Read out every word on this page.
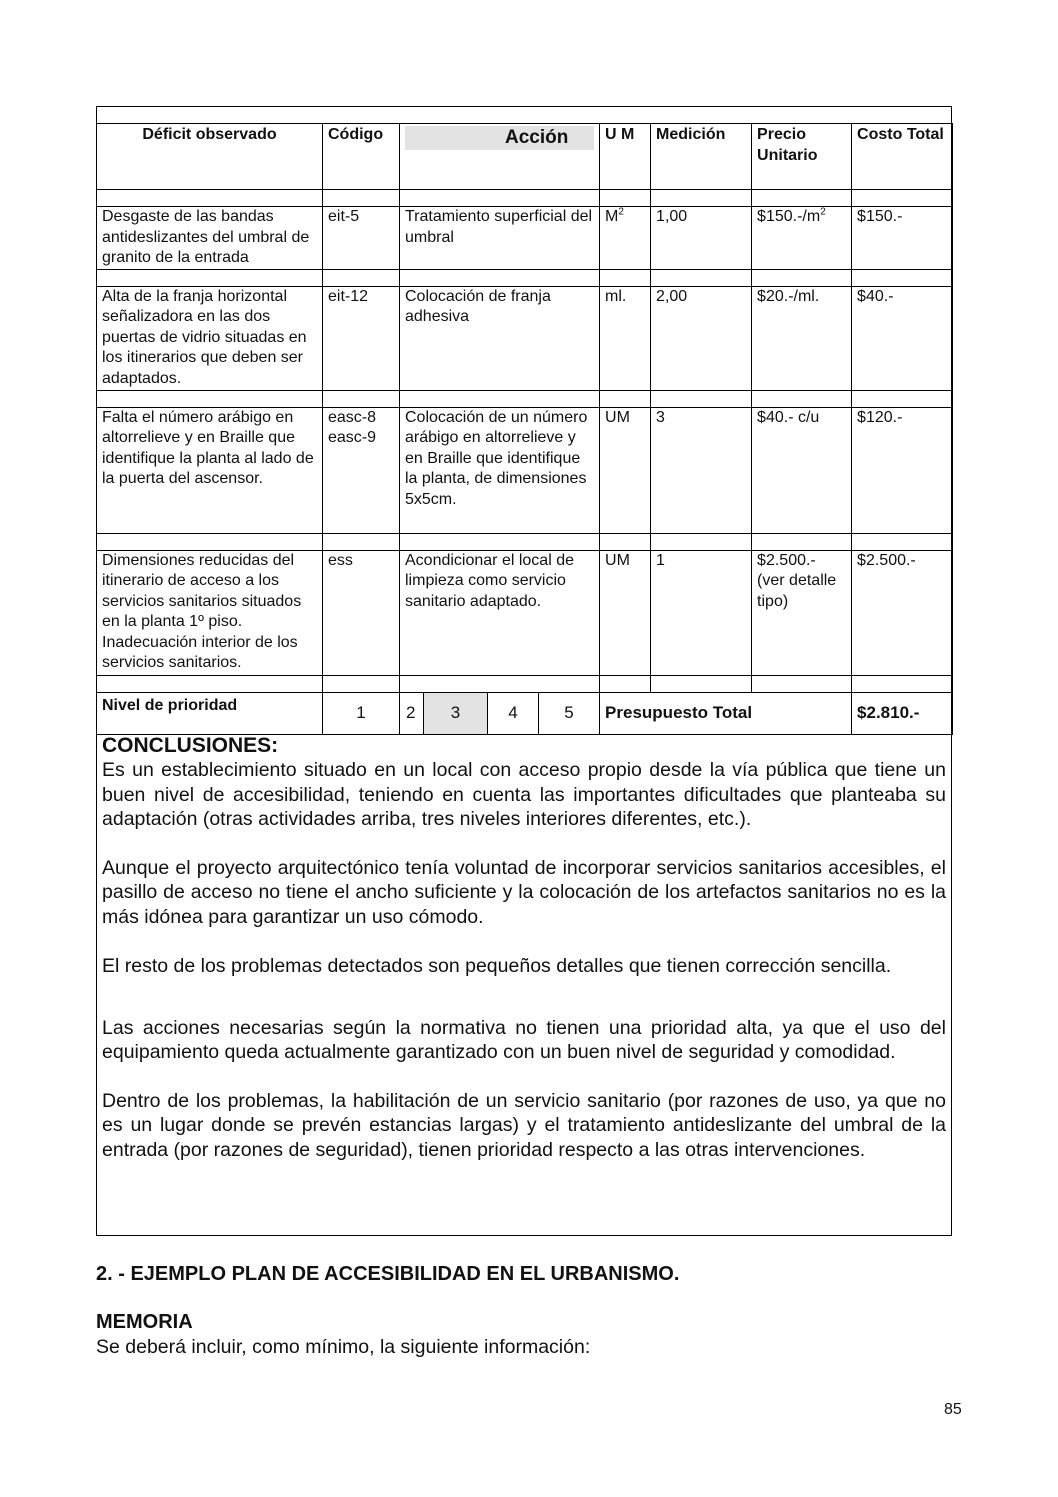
Déficit observado	Código	Acción				U M	Medición	Precio Unitario	Costo Total

Desgaste de las bandas antideslizantes del umbral de granito de la entrada	eit-5	Tratamiento superficial del umbral				$M^2$	1,00	$\$150.-/m^2$	$150.-

Alta de la franja horizontal señalizadora en las dos puertas de vidrio situadas en los itinerarios que deben ser adaptados.	eit-12	Colocación de franja adhesiva				ml.	2,00	$20.-/ml.	$40.-

Falta el número arábigo en altorrelieve y en Braille que identifique la planta al lado de la puerta del ascensor.	easc-8 easc-9	Colocación de un número arábigo en altorrelieve y en Braille que identifique la planta, de dimensiones 5x5cm.				UM	3	$40.- c/u	$120.-

Dimensiones reducidas del itinerario de acceso a los servicios sanitarios situados en la planta 1º piso. Inadecuación interior de los servicios sanitarios.	ess	Acondicionar el local de limpieza como servicio sanitario adaptado.				UM	1	$2.500.- (ver detalle tipo)	$2.500.-

Nivel de prioridad	1	2	3	4	5	Presupuesto Total			$2.810.-
CONCLUSIONES:

Es un establecimiento situado en un local con acceso propio desde la vía pública que tiene un buen nivel de accesibilidad, teniendo en cuenta las importantes dificultades que planteaba su adaptación (otras actividades arriba, tres niveles interiores diferentes, etc.).

Aunque el proyecto arquitectónico tenía voluntad de incorporar servicios sanitarios accesibles, el pasillo de acceso no tiene el ancho suficiente y la colocación de los artefactos sanitarios no es la más idónea para garantizar un uso cómodo.

El resto de los problemas detectados son pequeños detalles que tienen corrección sencilla.

Las acciones necesarias según la normativa no tienen una prioridad alta, ya que el uso del equipamiento queda actualmente garantizado con un buen nivel de seguridad y comodidad.

Dentro de los problemas, la habilitación de un servicio sanitario (por razones de uso, ya que no es un lugar donde se prevén estancias largas) y el tratamiento antideslizante del umbral de la entrada (por razones de seguridad), tienen prioridad respecto a las otras intervenciones.

2. - EJEMPLO PLAN DE ACCESIBILIDAD EN EL URBANISMO.
MEMORIA
Se deberá incluir, como mínimo, la siguiente información:
85
